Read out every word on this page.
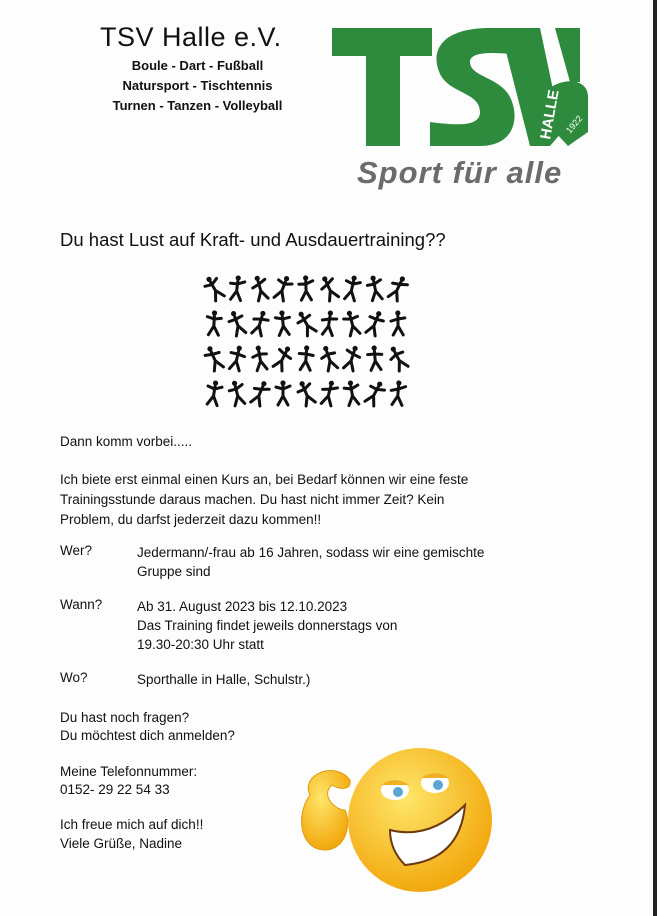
TSV Halle e.V.
Boule - Dart - Fußball
Natursport - Tischtennis
Turnen - Tanzen - Volleyball
1922
HALLE
Sport für alle
Du hast Lust auf Kraft- und Ausdauertraining??
Dann komm vorbei.....
Ich biete erst einmal einen Kurs an, bei Bedarf können wir eine feste
Trainingsstunde daraus machen. Du hast nicht immer Zeit? Kein
Problem, du darfst jederzeit dazu kommen!!
Wer?	Jedermann/-frau ab 16 Jahren, sodass wir eine gemischte
Gruppe sind
Wann?	Ab 31. August 2023 bis 12.10.2023
Das Training findet jeweils donnerstags von
19.30-20:30 Uhr statt
Wo?	Sporthalle in Halle, Schulstr.)
Du hast noch fragen?
Du möchtest dich anmelden?
Meine Telefonnummer:
0152- 29 22 54 33
Ich freue mich auf dich!!
Viele Grüße, Nadine
